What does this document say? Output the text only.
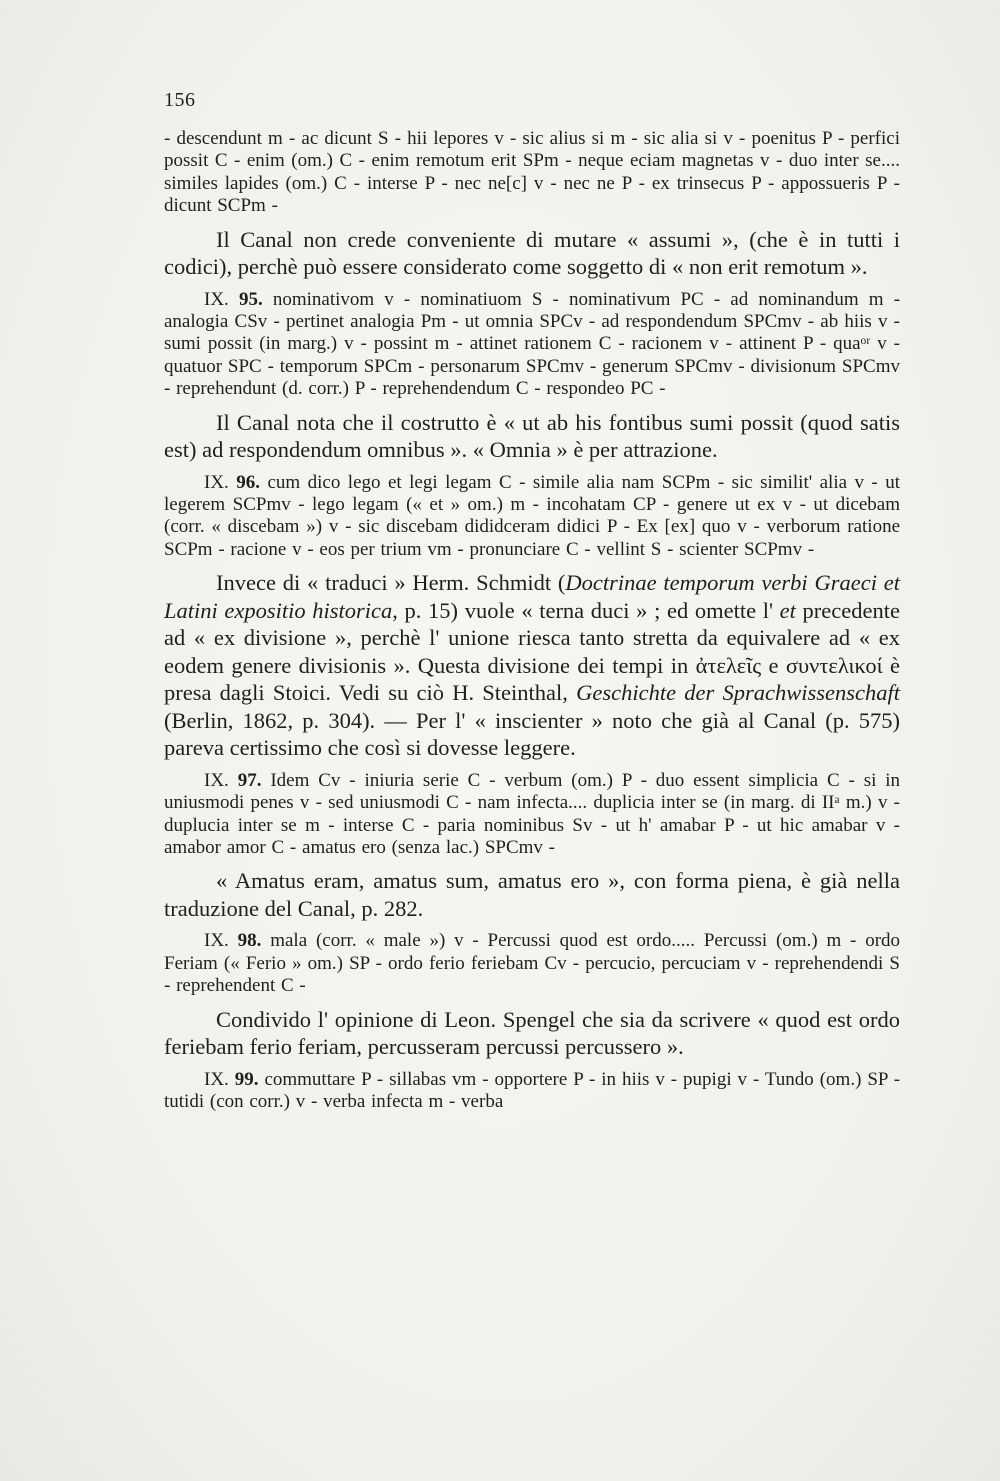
156

- descendunt m - ac dicunt S - hii lepores v - sic alius si m - sic alia si v - poenitus P - perfici possit C - enim (om.) C - enim remotum erit SPm - neque eciam magnetas v - duo inter se.... similes lapides (om.) C - interse P - nec ne[c] v - nec ne P - ex trinsecus P - appossueris P - dicunt SCPm -

Il Canal non crede conveniente di mutare « assumi », (che è in tutti i codici), perchè può essere considerato come soggetto di « non erit remotum ».

IX. 95. nominativom v - nominatiuom S - nominativum PC - ad nominandum m - analogia CSv - pertinet analogia Pm - ut omnia SPCv - ad respondendum SPCmv - ab hiis v - sumi possit (in marg.) v - possint m - attinet rationem C - racionem v - attinent P - quaᵒʳ v - quatuor SPC - temporum SPCm - personarum SPCmv - generum SPCmv - divisionum SPCmv - reprehendunt (d. corr.) P - reprehendendum C - respondeo PC -

Il Canal nota che il costrutto è « ut ab his fontibus sumi possit (quod satis est) ad respondendum omnibus ». « Omnia » è per attrazione.

IX. 96. cum dico lego et legi legam C - simile alia nam SCPm - sic similit' alia v - ut legerem SCPmv - lego legam (« et » om.) m - incohatam CP - genere ut ex v - ut dicebam (corr. « discebam ») v - sic discebam dididceram didici P - Ex [ex] quo v - verborum ratione SCPm - racione v - eos per trium vm - pronunciare C - vellint S - scienter SCPmv -

Invece di « traduci » Herm. Schmidt (Doctrinae temporum verbi Graeci et Latini expositio historica, p. 15) vuole « terna duci » ; ed omette l' et precedente ad « ex divisione », perchè l' unione riesca tanto stretta da equivalere ad « ex eodem genere divisionis ». Questa divisione dei tempi in ἀτελεῖς e συντελικοί è presa dagli Stoici. Vedi su ciò H. Steinthal, Geschichte der Sprachwissenschaft (Berlin, 1862, p. 304). — Per l' « inscienter » noto che già al Canal (p. 575) pareva certissimo che così si dovesse leggere.

IX. 97. Idem Cv - iniuria serie C - verbum (om.) P - duo essent simplicia C - si in uniusmodi penes v - sed uniusmodi C - nam infecta.... duplicia inter se (in marg. di IIᵃ m.) v - duplucia inter se m - interse C - paria nominibus Sv - ut h' amabar P - ut hic amabar v - amabor amor C - amatus ero (senza lac.) SPCmv -

« Amatus eram, amatus sum, amatus ero », con forma piena, è già nella traduzione del Canal, p. 282.

IX. 98. mala (corr. « male ») v - Percussi quod est ordo..... Percussi (om.) m - ordo Feriam (« Ferio » om.) SP - ordo ferio feriebam Cv - percucio, percuciam v - reprehendendi S - reprehendent C -

Condivido l' opinione di Leon. Spengel che sia da scrivere « quod est ordo feriebam ferio feriam, percusseram percussi percussero ».

IX. 99. commuttare P - sillabas vm - opportere P - in hiis v - pupigi v - Tundo (om.) SP - tutidi (con corr.) v - verba infecta m - verba
